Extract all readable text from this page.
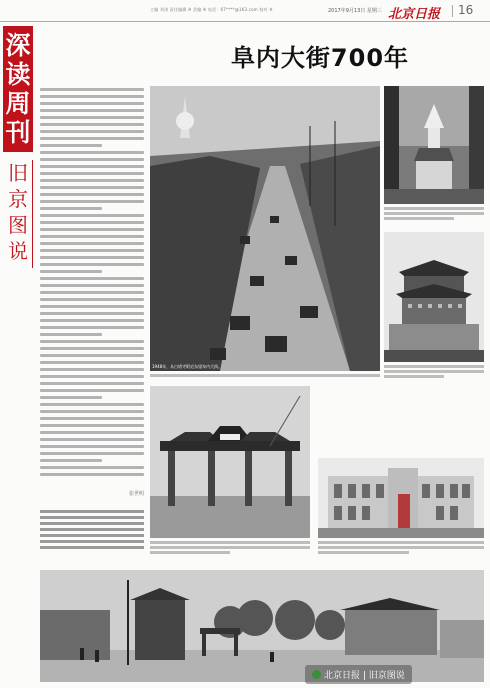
主编 刘涛 责任编辑 ※ 美编 ※ 电话：67****@163.com 校对 ※	2017年9月13日 星期三 北京日报 16
深
读
周
刊
旧
京
图
说
阜内大街700年
张世明
1948年，从白塔寺附近东望阜内大街。
北京日报 | 旧京图说
